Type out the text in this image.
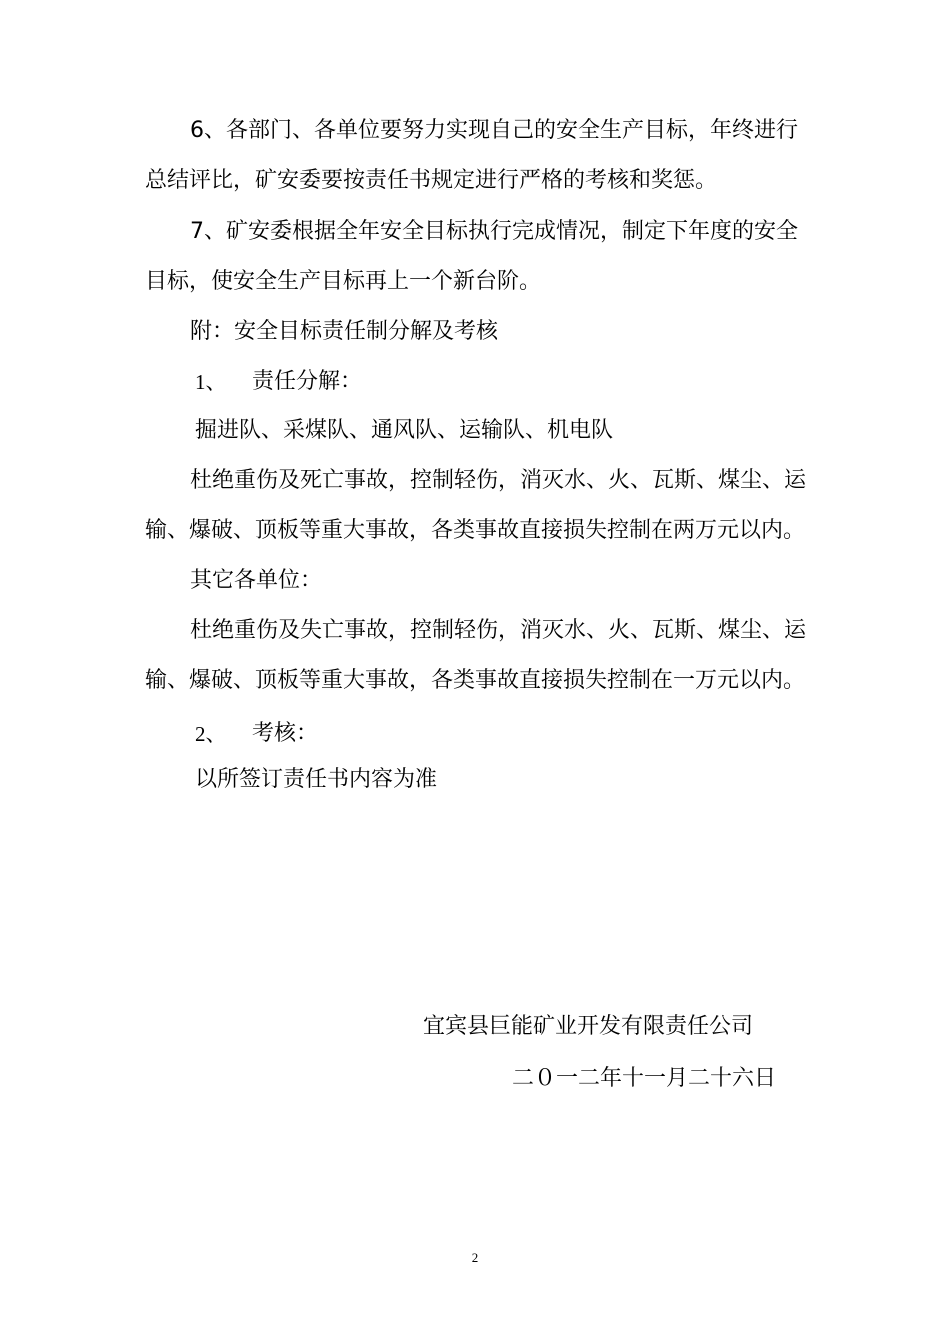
6、各部门、各单位要努力实现自己的安全生产目标，年终进行
总结评比，矿安委要按责任书规定进行严格的考核和奖惩。
7、矿安委根据全年安全目标执行完成情况，制定下年度的安全
目标，使安全生产目标再上一个新台阶。
附：安全目标责任制分解及考核
1、 责任分解：
掘进队、采煤队、通风队、运输队、机电队
杜绝重伤及死亡事故，控制轻伤，消灭水、火、瓦斯、煤尘、运
输、爆破、顶板等重大事故，各类事故直接损失控制在两万元以内。
其它各单位：
杜绝重伤及失亡事故，控制轻伤，消灭水、火、瓦斯、煤尘、运
输、爆破、顶板等重大事故，各类事故直接损失控制在一万元以内。
2、 考核：
以所签订责任书内容为准
宜宾县巨能矿业开发有限责任公司
二０一二年十一月二十六日
2
